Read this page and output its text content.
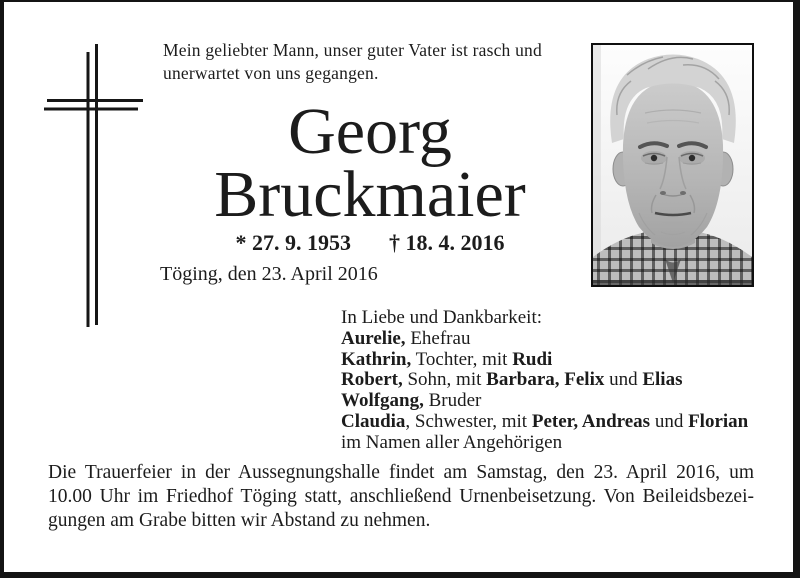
Mein geliebter Mann, unser guter Vater ist rasch und
unerwartet von uns gegangen.
Georg
Bruckmaier
* 27. 9. 1953 † 18. 4. 2016
Töging, den 23. April 2016
In Liebe und Dankbarkeit:
Aurelie, Ehefrau
Kathrin, Tochter, mit Rudi
Robert, Sohn, mit Barbara, Felix und Elias
Wolfgang, Bruder
Claudia, Schwester, mit Peter, Andreas und Florian
im Namen aller Angehörigen
Die Trauerfeier in der Aussegnungshalle findet am Samstag, den 23. April 2016, um
10.00 Uhr im Friedhof Töging statt, anschließend Urnenbeisetzung. Von Beileidsbezei-
gungen am Grabe bitten wir Abstand zu nehmen.
